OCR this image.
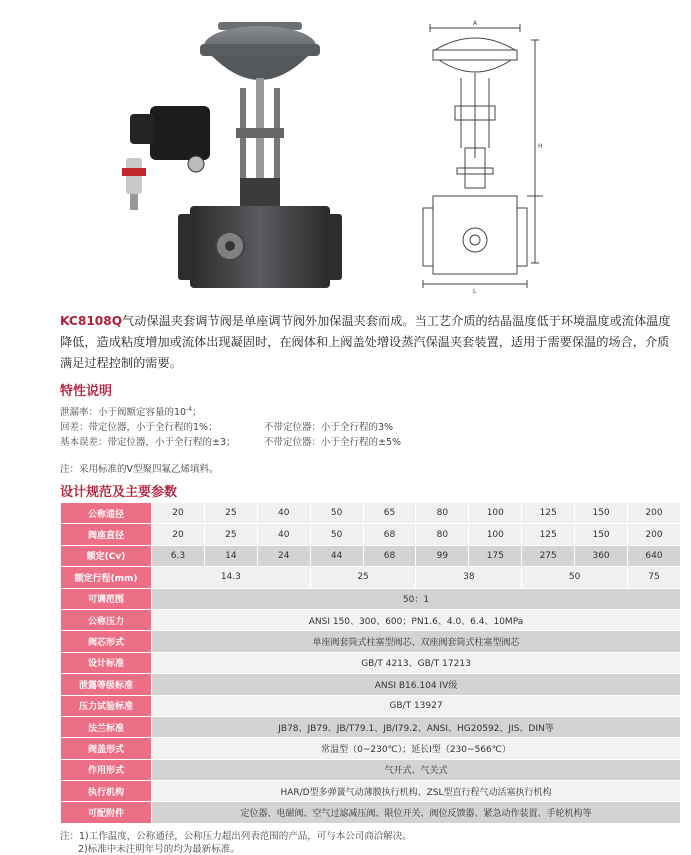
A
H
L
KC8108Q气动保温夹套调节阀是单座调节阀外加保温夹套而成。当工艺介质的结晶温度低于环境温度或流体温度降低，造成粘度增加或流体出现凝固时，在阀体和上阀盖处增设蒸汽保温夹套装置，适用于需要保温的场合，介质满足过程控制的需要。
特性说明
泄漏率：小于阀额定容量的$10^{-4}$；
回差：带定位器，小于全行程的1%；	不带定位器：小于全行程的3%
基本误差：带定位器，小于全行程的±3；	不带定位器：小于全行程的±5%
注：采用标准的V型聚四氟乙烯填料。
设计规范及主要参数
公称通径	20	25	40	50	65	80	100	125	150	200
阀座直径	20	25	40	50	68	80	100	125	150	200
额定(Cv)	6.3	14	24	44	68	99	175	275	360	640
额定行程(mm)	14.3			25		38		50		75
可调范围	50：1									
公称压力	ANSI 150、300、600；PN1.6、4.0、6.4、10MPa									
阀芯形式	单座阀套筒式柱塞型阀芯、双座阀套筒式柱塞型阀芯									
设计标准	GB/T 4213、GB/T 17213									
泄露等级标准	ANSI B16.104 IV级									
压力试验标准	GB/T 13927									
法兰标准	JB78、JB79、JB/T79.1、JB/I79.2、ANSI、HG20592、JIS、DIN等									
阀盖形式	常温型（0~230℃）；延长Ⅰ型（230~566℃）									
作用形式	气开式、气关式									
执行机构	HAR/D型多弹簧气动薄膜执行机构、ZSL型直行程气动活塞执行机构									
可配附件	定位器、电磁阀、空气过滤减压阀、限位开关、阀位反馈器、紧急动作装置、手轮机构等									
注：1)工作温度，公称通径，公称压力超出列表范围的产品，可与本公司商洽解决。
2)标准中未注明年号的均为最新标准。
